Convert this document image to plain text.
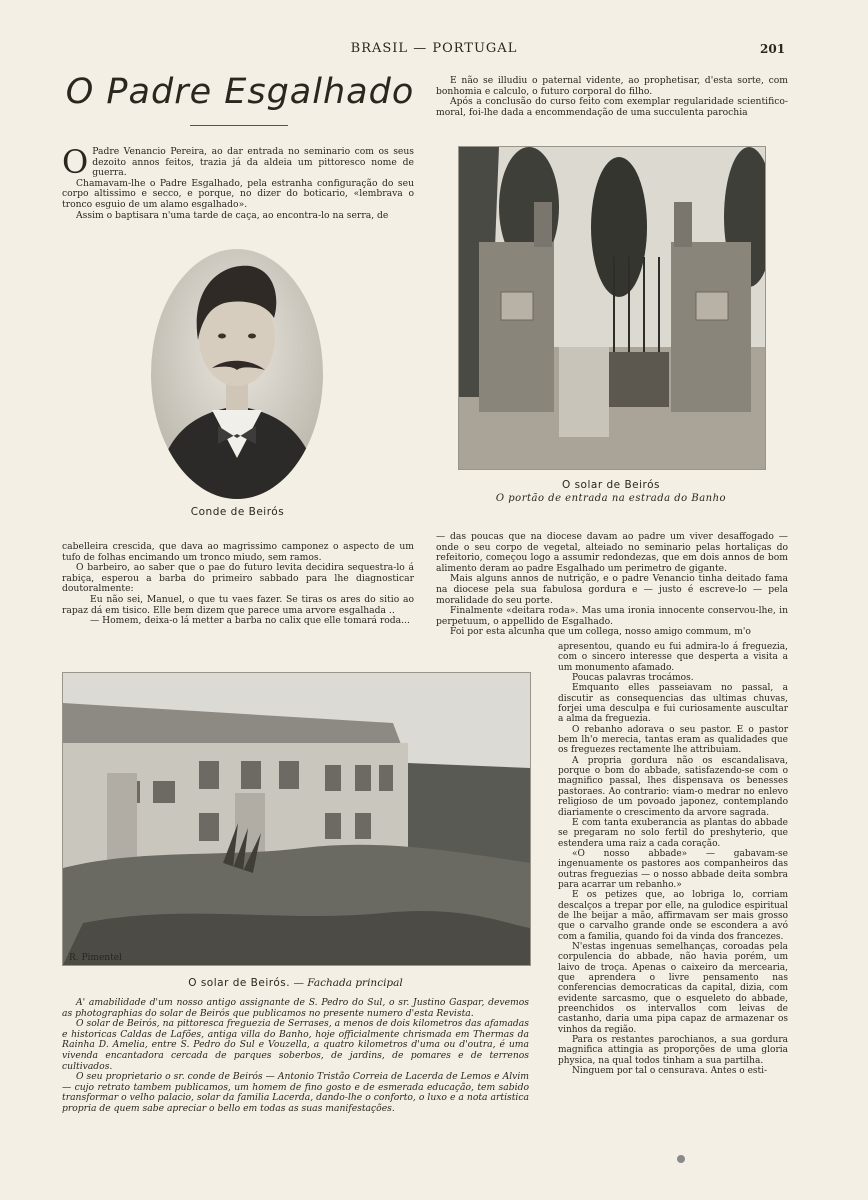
BRASIL — PORTUGAL	201
O Padre Esgalhado

O Padre Venancio Pereira, ao dar entrada no seminario com os seus dezoito annos feitos, trazia já da aldeia um pittoresco nome de guerra.

Chamavam-lhe o Padre Esgalhado, pela estranha configuração do seu corpo altissimo e secco, e porque, no dizer do boticario, «lembrava o tronco esguio de um alamo esgalhado».

Assim o baptisara n'uma tarde de caça, ao encontra-lo na serra, de

E não se illudiu o paternal vidente, ao prophetisar, d'esta sorte, com bonhomia e calculo, o futuro corporal do filho.

Após a conclusão do curso feito com exemplar regularidade scientifico-moral, foi-lhe dada a encommendação de uma succulenta parochia

Conde de Beirós
O solar de Beirós
O portão de entrada na estrada do Banho

cabelleira crescida, que dava ao magrissimo camponez o aspecto de um tufo de folhas encimando um tronco miudo, sem ramos.

O barbeiro, ao saber que o pae do futuro levita decidira sequestra-lo á rabiça, esperou a barba do primeiro sabbado para lhe diagnosticar doutoralmente:

Eu não sei, Manuel, o que tu vaes fazer. Se tiras os ares do sitio ao rapaz dá em tisico. Elle bem dizem que parece uma arvore esgalhada ..

— Homem, deixa-o lá metter a barba no calix que elle tomará roda...

— das poucas que na diocese davam ao padre um viver desaffogado — onde o seu corpo de vegetal, alteiado no seminario pelas hortaliças do refeitorio, começou logo a assumir redondezas, que em dois annos de bom alimento deram ao padre Esgalhado um perimetro de gigante.

Mais alguns annos de nutrição, e o padre Venancio tinha deitado fama na diocese pela sua fabulosa gordura e — justo é escreve-lo — pela moralidade do seu porte.

Finalmente «deitara roda». Mas uma ironia innocente conservou-lhe, in perpetuum, o appellido de Esgalhado.

Foi por esta alcunha que um collega, nosso amigo commum, m'o

R. Pimentel
O solar de Beirós. — Fachada principal

A' amabilidade d'um nosso antigo assignante de S. Pedro do Sul, o sr. Justino Gaspar, devemos as photographias do solar de Beirós que publicamos no presente numero d'esta Revista.

O solar de Beirós, na pittoresca freguezia de Serrases, a menos de dois kilometros das afamadas e historicas Caldas de Lafões, antiga villa do Banho, hoje officialmente chrismada em Thermas da Rainha D. Amelia, entre S. Pedro do Sul e Vouzella, a quatro kilometros d'uma ou d'outra, é uma vivenda encantadora cercada de parques soberbos, de jardins, de pomares e de terrenos cultivados.

O seu proprietario o sr. conde de Beirós — Antonio Tristão Correia de Lacerda de Lemos e Alvim — cujo retrato tambem publicamos, um homem de fino gosto e de esmerada educação, tem sabido transformar o velho palacio, solar da familia Lacerda, dando-lhe o conforto, o luxo e a nota artistica propria de quem sabe apreciar o bello em todas as suas manifestações.

apresentou, quando eu fui admira-lo á freguezia, com o sincero interesse que desperta a visita a um monumento afamado.

Poucas palavras trocámos.

Emquanto elles passeiavam no passal, a discutir as consequencias das ultimas chuvas, forjei uma desculpa e fui curiosamente auscultar a alma da freguezia.

O rebanho adorava o seu pastor. E o pastor bem lh'o merecia, tantas eram as qualidades que os freguezes rectamente lhe attribuiam.

A propria gordura não os escandalisava, porque o bom do abbade, satisfazendo-se com o magnifico passal, lhes dispensava os benesses pastoraes. Ao contrario: viam-o medrar no enlevo religioso de um povoado japonez, contemplando diariamente o crescimento da arvore sagrada.

E com tanta exuberancia as plantas do abbade se pregaram no solo fertil do preshyterio, que estendera uma raiz a cada coração.

«O nosso abbade» — gabavam-se ingenuamente os pastores aos companheiros das outras freguezias — o nosso abbade deita sombra para acarrar um rebanho.»

E os petizes que, ao lobriga lo, corriam descalços a trepar por elle, na gulodice espiritual de lhe beijar a mão, affirmavam ser mais grosso que o carvalho grande onde se escondera a avó com a familia, quando foi da vinda dos francezes.

N'estas ingenuas semelhanças, coroadas pela corpulencia do abbade, não havia porém, um laivo de troça. Apenas o caixeiro da mercearia, que aprendera o livre pensamento nas conferencias democraticas da capital, dizia, com evidente sarcasmo, que o esqueleto do abbade, preenchidos os intervallos com leivas de castanho, daria uma pipa capaz de armazenar os vinhos da região.

Para os restantes parochianos, a sua gordura magnifica attingia as proporções de uma gloria physica, na qual todos tinham a sua partilha.

Ninguem por tal o censurava. Antes o esti-
